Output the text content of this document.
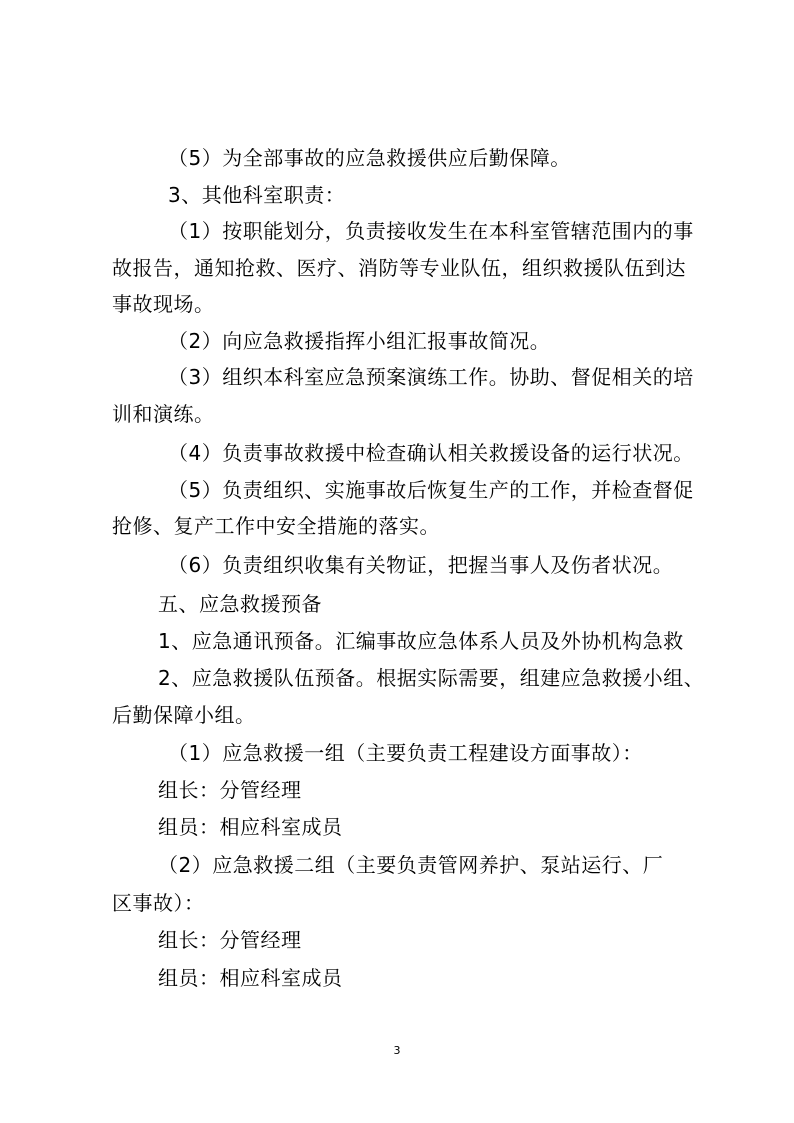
（5）为全部事故的应急救援供应后勤保障。
3、其他科室职责：
（1）按职能划分，负责接收发生在本科室管辖范围内的事
故报告，通知抢救、医疗、消防等专业队伍，组织救援队伍到达
事故现场。
（2）向应急救援指挥小组汇报事故简况。
（3）组织本科室应急预案演练工作。协助、督促相关的培
训和演练。
（4）负责事故救援中检查确认相关救援设备的运行状况。
（5）负责组织、实施事故后恢复生产的工作，并检查督促
抢修、复产工作中安全措施的落实。
（6）负责组织收集有关物证，把握当事人及伤者状况。
五、应急救援预备
1、应急通讯预备。汇编事故应急体系人员及外协机构急救
2、应急救援队伍预备。根据实际需要，组建应急救援小组、
后勤保障小组。
（1）应急救援一组（主要负责工程建设方面事故）：
组长：分管经理
组员：相应科室成员
（2）应急救援二组（主要负责管网养护、泵站运行、厂
区事故）：
组长：分管经理
组员：相应科室成员
3
